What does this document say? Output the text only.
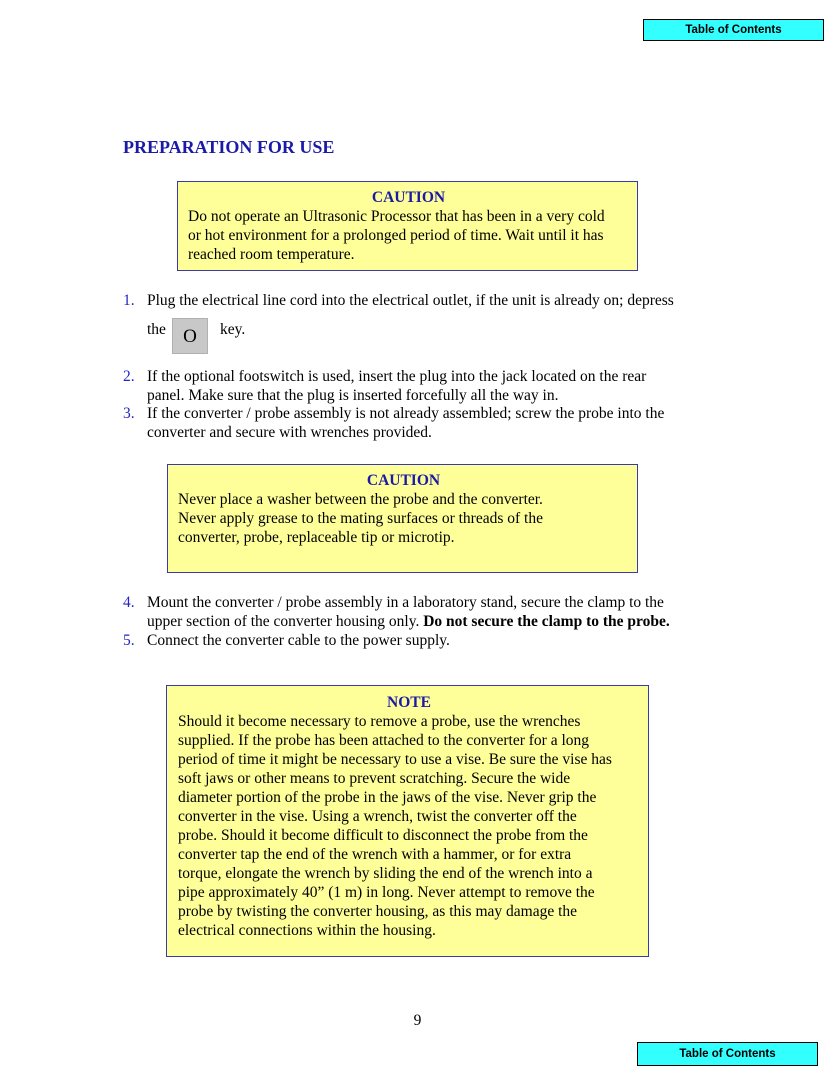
Table of Contents
PREPARATION FOR USE
CAUTION
Do not operate an Ultrasonic Processor that has been in a very cold
or hot environment for a prolonged period of time. Wait until it has
reached room temperature.
1. Plug the electrical line cord into the electrical outlet, if the unit is already on; depress
the	key.
O
2. If the optional footswitch is used, insert the plug into the jack located on the rear
panel. Make sure that the plug is inserted forcefully all the way in.
3. If the converter / probe assembly is not already assembled; screw the probe into the
converter and secure with wrenches provided.
CAUTION
Never place a washer between the probe and the converter.
Never apply grease to the mating surfaces or threads of the
converter, probe, replaceable tip or microtip.
4. Mount the converter / probe assembly in a laboratory stand, secure the clamp to the
upper section of the converter housing only. Do not secure the clamp to the probe.
5. Connect the converter cable to the power supply.
NOTE
Should it become necessary to remove a probe, use the wrenches
supplied. If the probe has been attached to the converter for a long
period of time it might be necessary to use a vise. Be sure the vise has
soft jaws or other means to prevent scratching. Secure the wide
diameter portion of the probe in the jaws of the vise. Never grip the
converter in the vise. Using a wrench, twist the converter off the
probe. Should it become difficult to disconnect the probe from the
converter tap the end of the wrench with a hammer, or for extra
torque, elongate the wrench by sliding the end of the wrench into a
pipe approximately 40” (1 m) in long. Never attempt to remove the
probe by twisting the converter housing, as this may damage the
electrical connections within the housing.
9
Table of Contents
